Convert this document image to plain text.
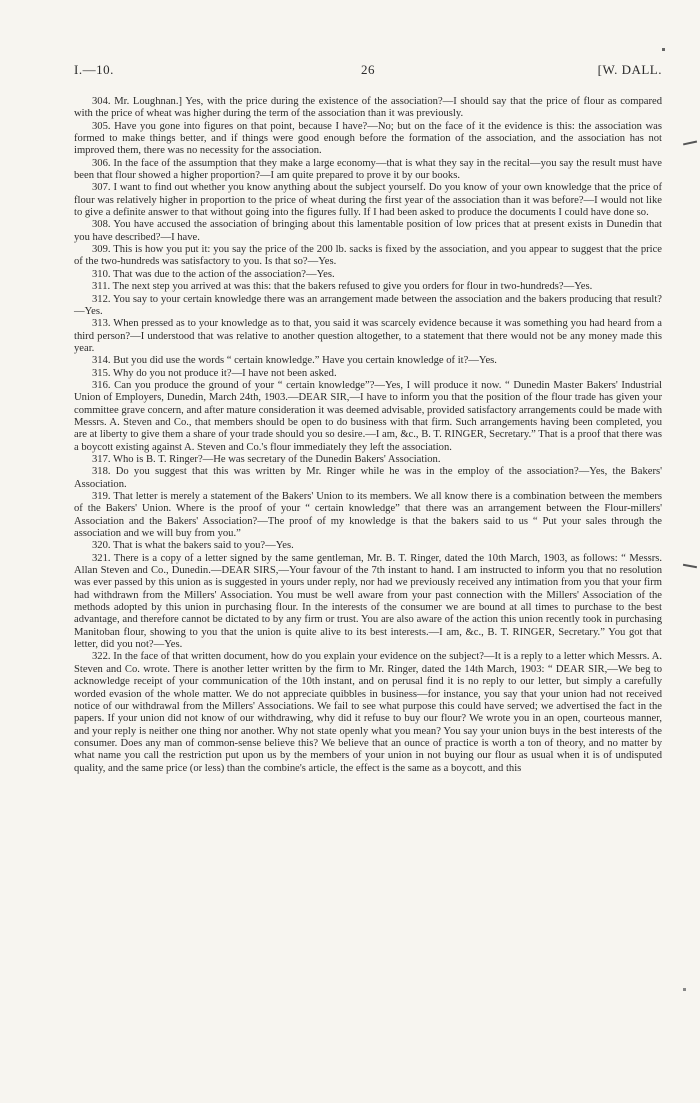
I.—10.	26	[W. DALL.

304. Mr. Loughnan.] Yes, with the price during the existence of the association?—I should say that the price of flour as compared with the price of wheat was higher during the term of the association than it was previously.

305. Have you gone into figures on that point, because I have?—No; but on the face of it the evidence is this: the association was formed to make things better, and if things were good enough before the formation of the association, and the association has not improved them, there was no necessity for the association.

306. In the face of the assumption that they make a large economy—that is what they say in the recital—you say the result must have been that flour showed a higher proportion?—I am quite prepared to prove it by our books.

307. I want to find out whether you know anything about the subject yourself. Do you know of your own knowledge that the price of flour was relatively higher in proportion to the price of wheat during the first year of the association than it was before?—I would not like to give a definite answer to that without going into the figures fully. If I had been asked to produce the documents I could have done so.

308. You have accused the association of bringing about this lamentable position of low prices that at present exists in Dunedin that you have described?—I have.

309. This is how you put it: you say the price of the 200 lb. sacks is fixed by the association, and you appear to suggest that the price of the two-hundreds was satisfactory to you. Is that so?—Yes.

310. That was due to the action of the association?—Yes.

311. The next step you arrived at was this: that the bakers refused to give you orders for flour in two-hundreds?—Yes.

312. You say to your certain knowledge there was an arrangement made between the association and the bakers producing that result?—Yes.

313. When pressed as to your knowledge as to that, you said it was scarcely evidence because it was something you had heard from a third person?—I understood that was relative to another question altogether, to a statement that there would not be any money made this year.

314. But you did use the words “ certain knowledge.” Have you certain knowledge of it?—Yes.

315. Why do you not produce it?—I have not been asked.

316. Can you produce the ground of your “ certain knowledge”?—Yes, I will produce it now. “ Dunedin Master Bakers' Industrial Union of Employers, Dunedin, March 24th, 1903.—DEAR SIR,—I have to inform you that the position of the flour trade has given your committee grave concern, and after mature consideration it was deemed advisable, provided satisfactory arrangements could be made with Messrs. A. Steven and Co., that members should be open to do business with that firm. Such arrangements having been completed, you are at liberty to give them a share of your trade should you so desire.—I am, &c., B. T. RINGER, Secretary.” That is a proof that there was a boycott existing against A. Steven and Co.'s flour immediately they left the association.

317. Who is B. T. Ringer?—He was secretary of the Dunedin Bakers' Association.

318. Do you suggest that this was written by Mr. Ringer while he was in the employ of the association?—Yes, the Bakers' Association.

319. That letter is merely a statement of the Bakers' Union to its members. We all know there is a combination between the members of the Bakers' Union. Where is the proof of your “ certain knowledge” that there was an arrangement between the Flour-millers' Association and the Bakers' Association?—The proof of my knowledge is that the bakers said to us “ Put your sales through the association and we will buy from you.”

320. That is what the bakers said to you?—Yes.

321. There is a copy of a letter signed by the same gentleman, Mr. B. T. Ringer, dated the 10th March, 1903, as follows: “ Messrs. Allan Steven and Co., Dunedin.—DEAR SIRS,—Your favour of the 7th instant to hand. I am instructed to inform you that no resolution was ever passed by this union as is suggested in yours under reply, nor had we previously received any intimation from you that your firm had withdrawn from the Millers' Association. You must be well aware from your past connection with the Millers' Association of the methods adopted by this union in purchasing flour. In the interests of the consumer we are bound at all times to purchase to the best advantage, and therefore cannot be dictated to by any firm or trust. You are also aware of the action this union recently took in purchasing Manitoban flour, showing to you that the union is quite alive to its best interests.—I am, &c., B. T. RINGER, Secretary.” You got that letter, did you not?—Yes.

322. In the face of that written document, how do you explain your evidence on the subject?—It is a reply to a letter which Messrs. A. Steven and Co. wrote. There is another letter written by the firm to Mr. Ringer, dated the 14th March, 1903: “ DEAR SIR,—We beg to acknowledge receipt of your communication of the 10th instant, and on perusal find it is no reply to our letter, but simply a carefully worded evasion of the whole matter. We do not appreciate quibbles in business—for instance, you say that your union had not received notice of our withdrawal from the Millers' Associations. We fail to see what purpose this could have served; we advertised the fact in the papers. If your union did not know of our withdrawing, why did it refuse to buy our flour? We wrote you in an open, courteous manner, and your reply is neither one thing nor another. Why not state openly what you mean? You say your union buys in the best interests of the consumer. Does any man of common-sense believe this? We believe that an ounce of practice is worth a ton of theory, and no matter by what name you call the restriction put upon us by the members of your union in not buying our flour as usual when it is of undisputed quality, and the same price (or less) than the combine's article, the effect is the same as a boycott, and this
